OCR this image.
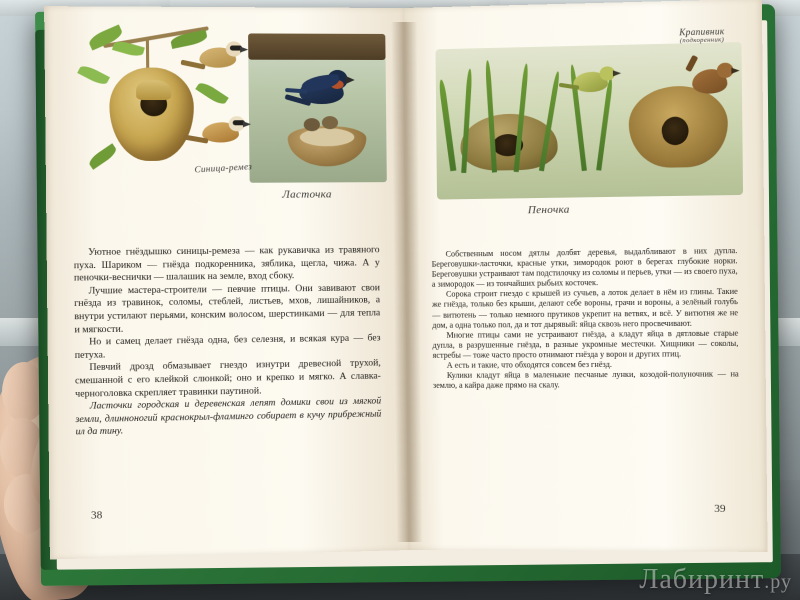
Ласточка
Синица-ремез

Уютное гнёздышко синицы-ремеза — как рукавичка из травяного пуха. Шариком — гнёзда подкоренника, зяблика, щегла, чижа. А у пеночки-веснички — шалашик на земле, вход сбоку.

Лучшие мастера-строители — певчие птицы. Они завивают свои гнёзда из травинок, соломы, стеблей, листьев, мхов, лишайников, а внутри устилают перьями, конским волосом, шерстинками — для тепла и мягкости.

Но и самец делает гнёзда одна, без селезня, и всякая кура — без петуха.

Певчий дрозд обмазывает гнездо изнутри древесной трухой, смешанной с его клейкой слюнкой; оно и крепко и мягко. А славка-черноголовка скрепляет травинки паутиной.

Ласточки городская и деревенская лепят домики свои из мягкой земли, длинноногий краснокрыл-фламинго собирает в кучу прибрежный ил да тину.

38
Крапивник
(подкоренник)
Пеночка

Собственным носом дятлы долбят деревья, выдалбливают в них дупла. Береговушки-ласточки, красные утки, зимородок роют в берегах глубокие норки. Береговушки устраивают там подстилочку из соломы и перьев, утки — из своего пуха, а зимородок — из тончайших рыбьих косточек.

Сорока строит гнездо с крышей из сучьев, а лоток делает в нём из глины. Такие же гнёзда, только без крыши, делают себе вороны, грачи и вороны, а зелёный голубь — витютень — только немного прутиков укрепит на ветвях, и всё. У витютня же не дом, а одна только пол, да и тот дырявый: яйца сквозь него просвечивают.

Многие птицы сами не устраивают гнёзда, а кладут яйца в дятловые старые дупла, в разрушенные гнёзда, в разные укромные местечки. Хищники — соколы, ястребы — тоже часто просто отнимают гнёзда у ворон и других птиц.

А есть и такие, что обходятся совсем без гнёзд.

Кулики кладут яйца в маленькие песчаные лунки, козодой-полуночник — на землю, а кайра даже прямо на скалу.

39
Лабиринт.ру
